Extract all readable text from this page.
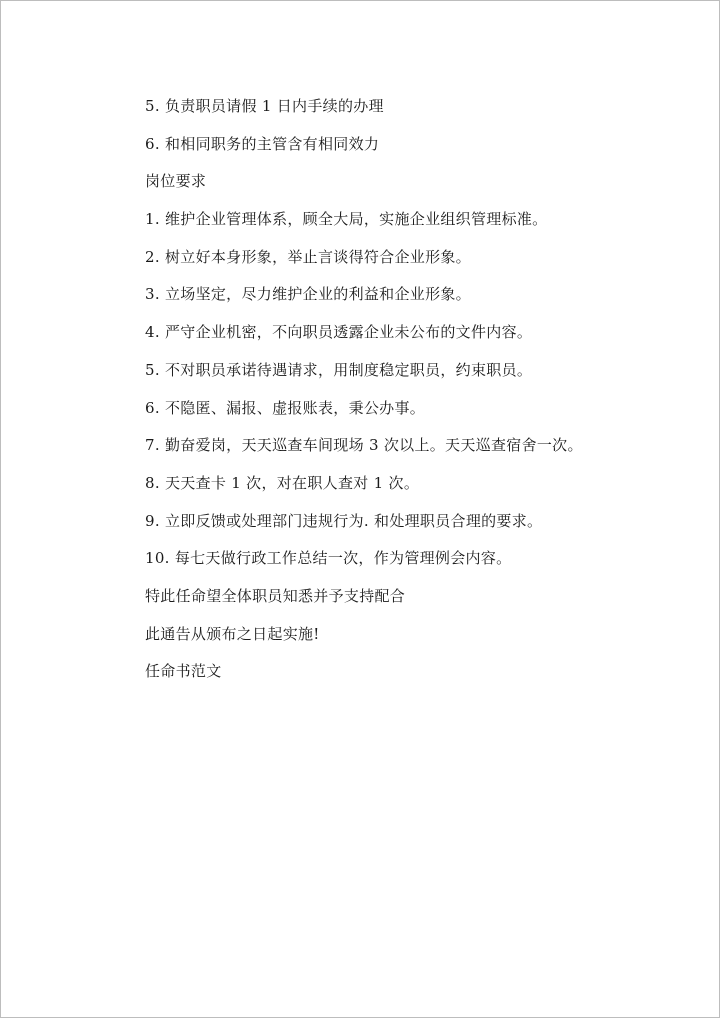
5. 负责职员请假 1 日内手续的办理
6. 和相同职务的主管含有相同效力
岗位要求
1. 维护企业管理体系，顾全大局，实施企业组织管理标准。
2. 树立好本身形象，举止言谈得符合企业形象。
3. 立场坚定，尽力维护企业的利益和企业形象。
4. 严守企业机密，不向职员透露企业未公布的文件内容。
5. 不对职员承诺待遇请求，用制度稳定职员，约束职员。
6. 不隐匿、漏报、虚报账表，秉公办事。
7. 勤奋爱岗，天天巡查车间现场 3 次以上。天天巡查宿舍一次。
8. 天天查卡 1 次，对在职人查对 1 次。
9. 立即反馈或处理部门违规行为. 和处理职员合理的要求。
10. 每七天做行政工作总结一次，作为管理例会内容。
特此任命望全体职员知悉并予支持配合
此通告从颁布之日起实施!
任命书范文
